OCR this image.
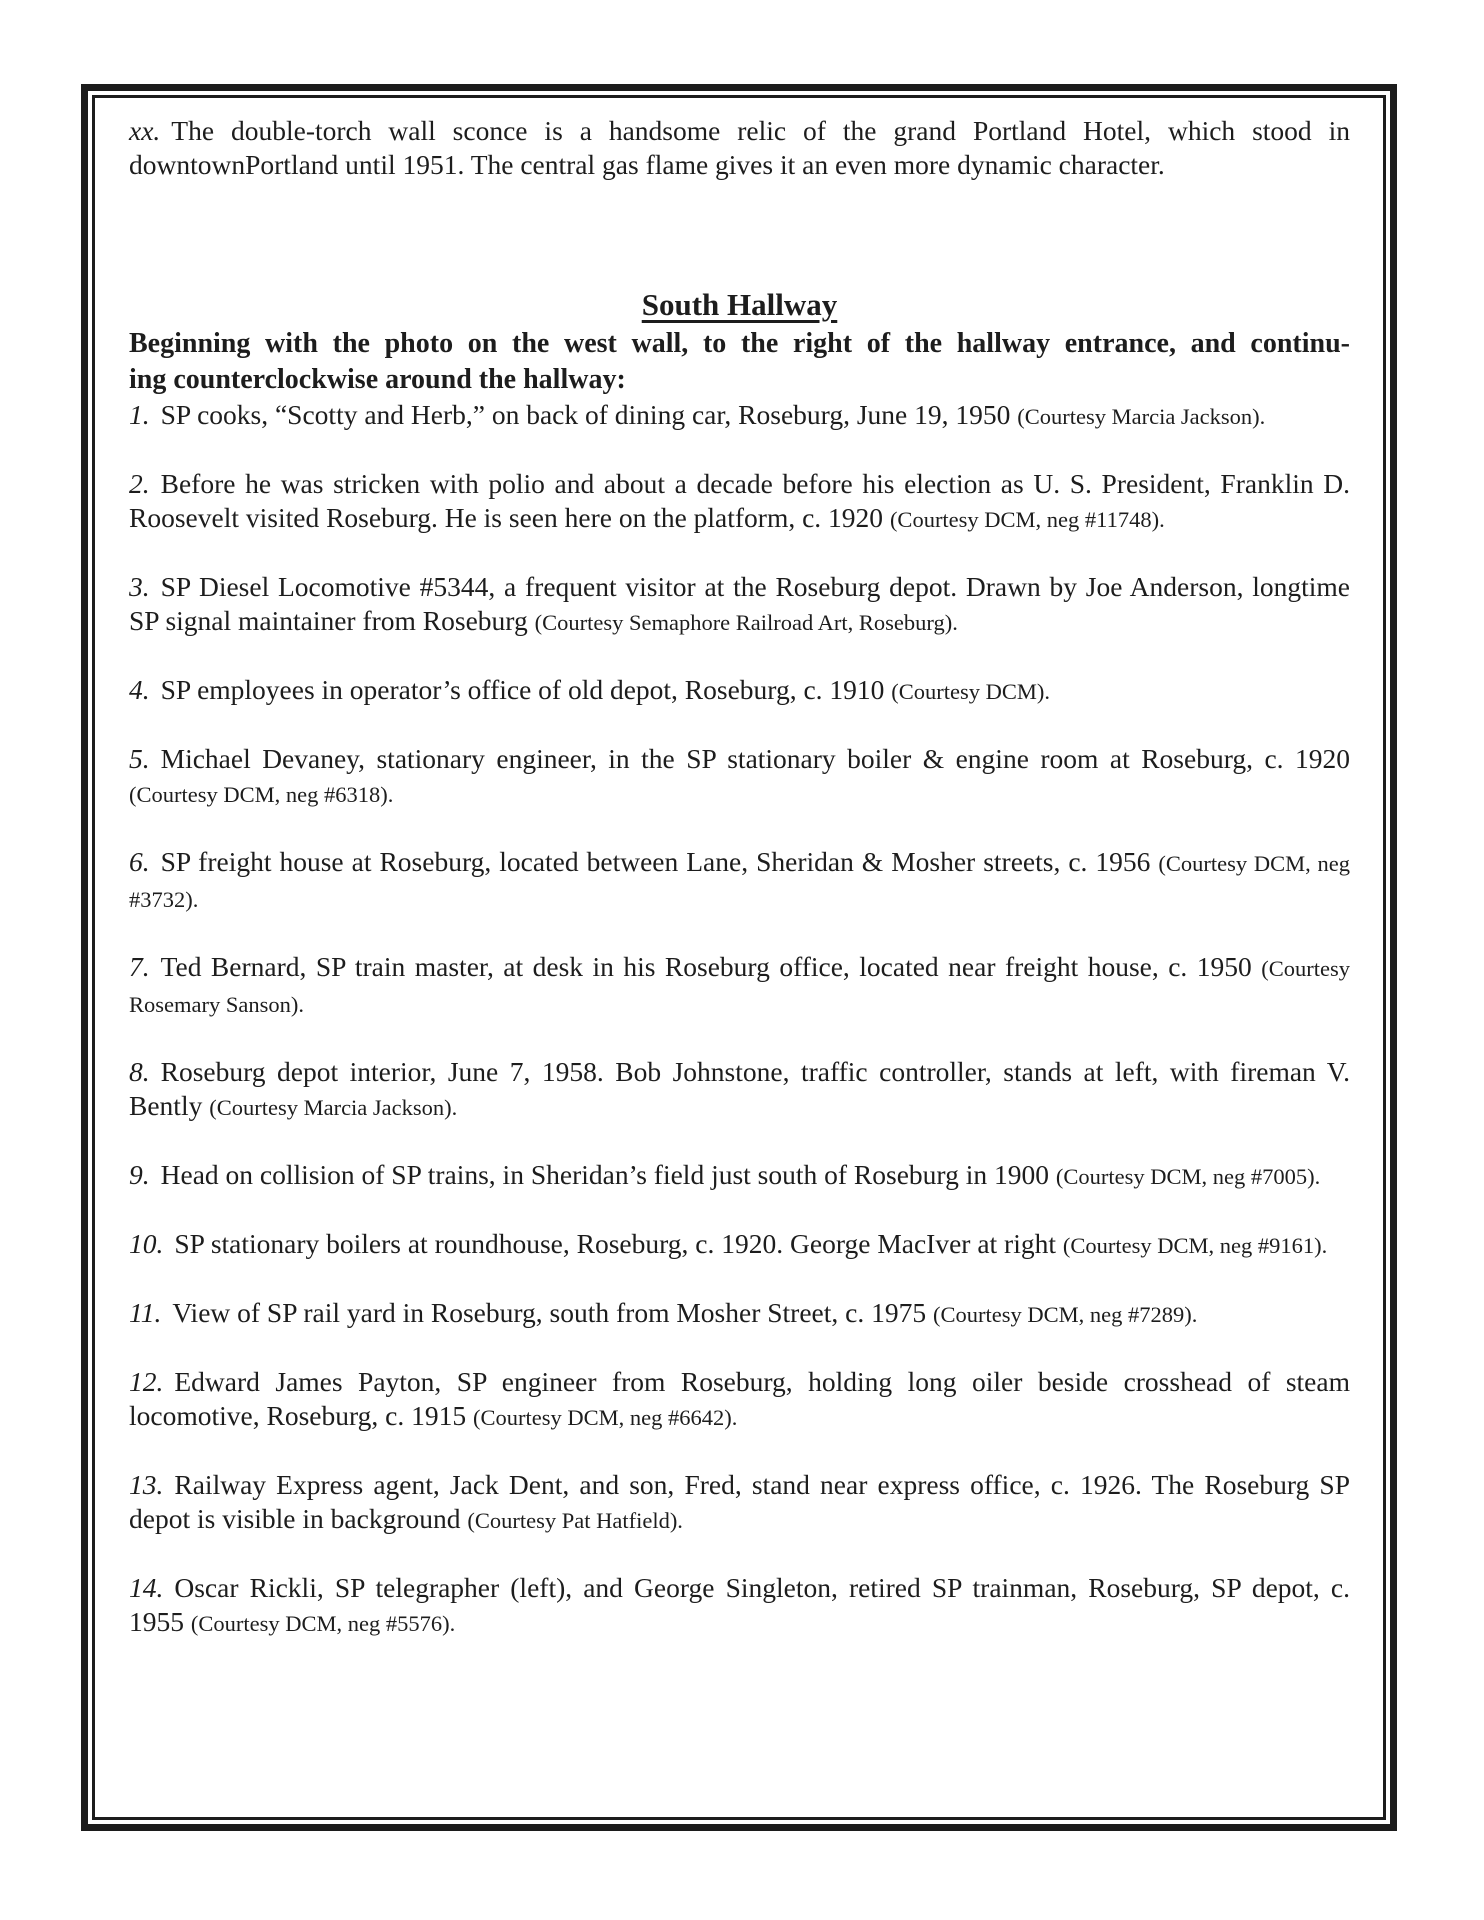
xx. The double-torch wall sconce is a handsome relic of the grand Portland Hotel, which stood in downtownPortland until 1951. The central gas flame gives it an even more dynamic character.

South Hallway
Beginning with the photo on the west wall, to the right of the hallway entrance, and continu-
ing counterclockwise around the hallway:

1. SP cooks, “Scotty and Herb,” on back of dining car, Roseburg, June 19, 1950 (Courtesy Marcia Jackson).

2. Before he was stricken with polio and about a decade before his election as U. S. President, Franklin D. Roosevelt visited Roseburg. He is seen here on the platform, c. 1920 (Courtesy DCM, neg #11748).

3. SP Diesel Locomotive #5344, a frequent visitor at the Roseburg depot. Drawn by Joe Anderson, longtime SP signal maintainer from Roseburg (Courtesy Semaphore Railroad Art, Roseburg).

4. SP employees in operator’s office of old depot, Roseburg, c. 1910 (Courtesy DCM).

5. Michael Devaney, stationary engineer, in the SP stationary boiler & engine room at Roseburg, c. 1920 (Courtesy DCM, neg #6318).

6. SP freight house at Roseburg, located between Lane, Sheridan & Mosher streets, c. 1956 (Courtesy DCM, neg #3732).

7. Ted Bernard, SP train master, at desk in his Roseburg office, located near freight house, c. 1950 (Courtesy Rosemary Sanson).

8. Roseburg depot interior, June 7, 1958. Bob Johnstone, traffic controller, stands at left, with fireman V. Bently (Courtesy Marcia Jackson).

9. Head on collision of SP trains, in Sheridan’s field just south of Roseburg in 1900 (Courtesy DCM, neg #7005).

10. SP stationary boilers at roundhouse, Roseburg, c. 1920. George MacIver at right (Courtesy DCM, neg #9161).

11. View of SP rail yard in Roseburg, south from Mosher Street, c. 1975 (Courtesy DCM, neg #7289).

12. Edward James Payton, SP engineer from Roseburg, holding long oiler beside crosshead of steam locomotive, Roseburg, c. 1915 (Courtesy DCM, neg #6642).

13. Railway Express agent, Jack Dent, and son, Fred, stand near express office, c. 1926. The Roseburg SP depot is visible in background (Courtesy Pat Hatfield).

14. Oscar Rickli, SP telegrapher (left), and George Singleton, retired SP trainman, Roseburg, SP depot, c. 1955 (Courtesy DCM, neg #5576).
